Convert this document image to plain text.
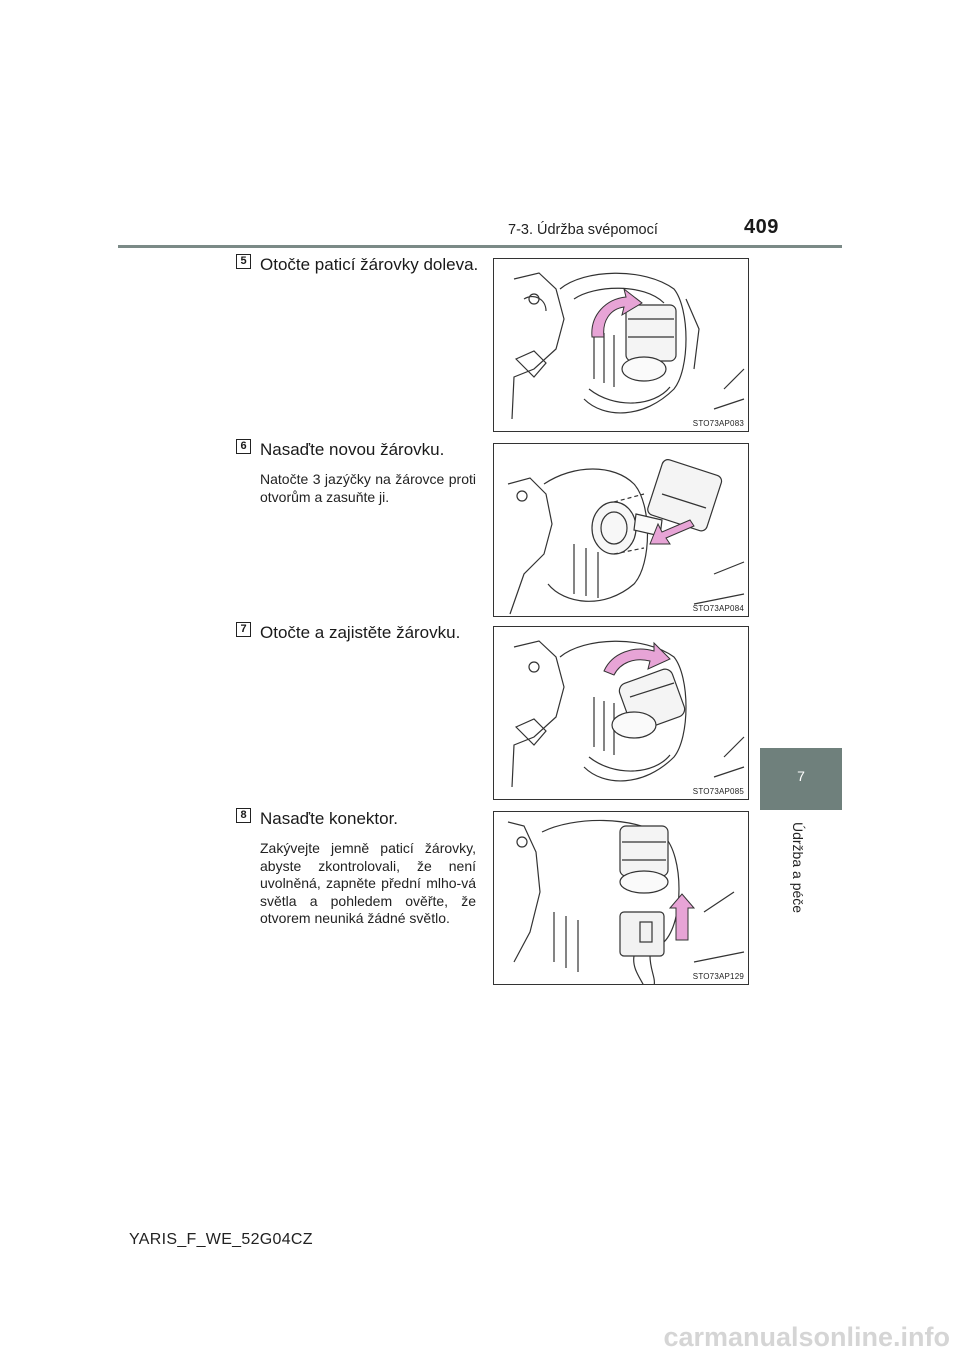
7-3. Údržba svépomocí	409
7
Údržba a péče
5 Otočte paticí žárovky doleva.
STO73AP083
6 Nasaďte novou žárovku.
Natočte 3 jazýčky na žárovce proti otvorům a zasuňte ji.
STO73AP084
7 Otočte a zajistěte žárovku.
STO73AP085
8 Nasaďte konektor.
Zakývejte jemně paticí žárovky, abyste zkontrolovali, že není uvolněná, zapněte přední mlho-vá světla a pohledem ověřte, že otvorem neuniká žádné světlo.
STO73AP129
YARIS_F_WE_52G04CZ
carmanualsonline.info
